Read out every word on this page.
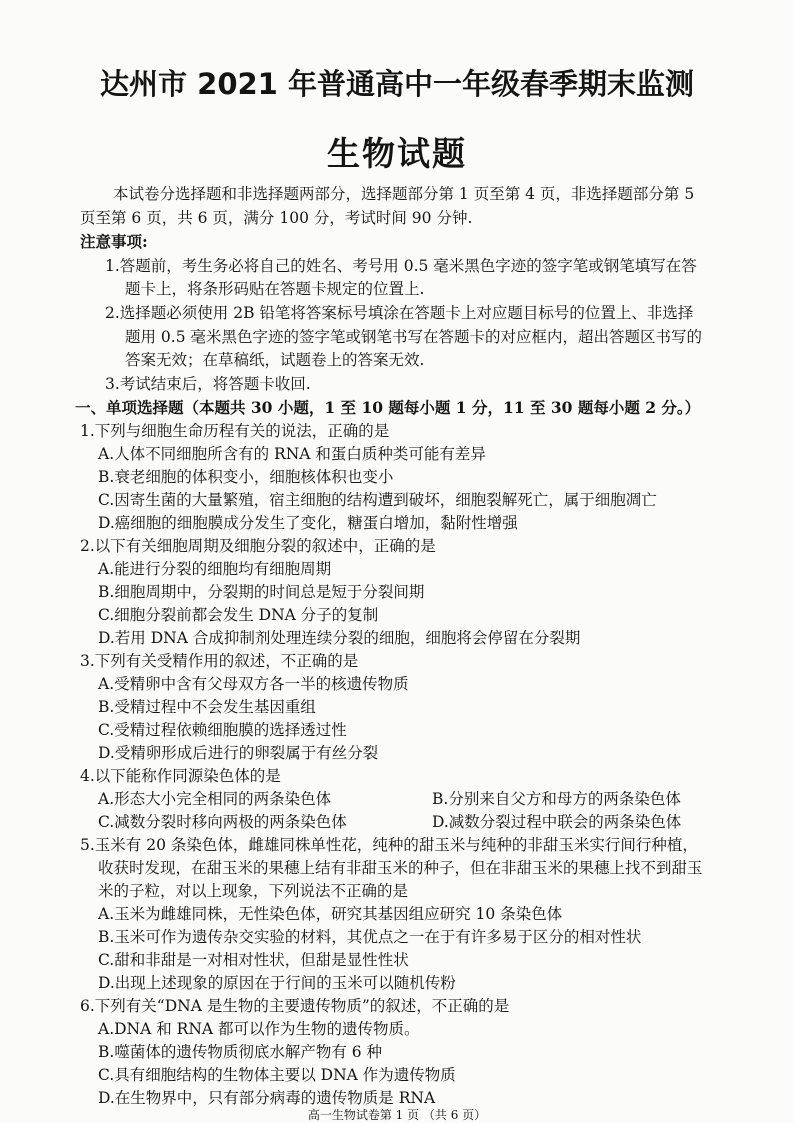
达州市 2021 年普通高中一年级春季期末监测
生物试题
本试卷分选择题和非选择题两部分，选择题部分第 1 页至第 4 页，非选择题部分第 5
页至第 6 页，共 6 页，满分 100 分，考试时间 90 分钟.
注意事项:
1.答题前，考生务必将自己的姓名、考号用 0.5 毫米黑色字迹的签字笔或钢笔填写在答
题卡上，将条形码贴在答题卡规定的位置上.
2.选择题必须使用 2B 铅笔将答案标号填涂在答题卡上对应题目标号的位置上、非选择
题用 0.5 毫米黑色字迹的签字笔或钢笔书写在答题卡的对应框内，超出答题区书写的
答案无效；在草稿纸，试题卷上的答案无效.
3.考试结束后，将答题卡收回.
一、单项选择题（本题共 30 小题，1 至 10 题每小题 1 分，11 至 30 题每小题 2 分。）
1.下列与细胞生命历程有关的说法，正确的是
A.人体不同细胞所含有的 RNA 和蛋白质种类可能有差异
B.衰老细胞的体积变小，细胞核体积也变小
C.因寄生菌的大量繁殖，宿主细胞的结构遭到破坏，细胞裂解死亡，属于细胞凋亡
D.癌细胞的细胞膜成分发生了变化，糖蛋白增加，黏附性增强
2.以下有关细胞周期及细胞分裂的叙述中，正确的是
A.能进行分裂的细胞均有细胞周期
B.细胞周期中，分裂期的时间总是短于分裂间期
C.细胞分裂前都会发生 DNA 分子的复制
D.若用 DNA 合成抑制剂处理连续分裂的细胞，细胞将会停留在分裂期
3.下列有关受精作用的叙述，不正确的是
A.受精卵中含有父母双方各一半的核遗传物质
B.受精过程中不会发生基因重组
C.受精过程依赖细胞膜的选择透过性
D.受精卵形成后进行的卵裂属于有丝分裂
4.以下能称作同源染色体的是
A.形态大小完全相同的两条染色体	B.分别来自父方和母方的两条染色体
C.减数分裂时移向两极的两条染色体	D.减数分裂过程中联会的两条染色体
5.玉米有 20 条染色体，雌雄同株单性花，纯种的甜玉米与纯种的非甜玉米实行间行种植，
收获时发现，在甜玉米的果穗上结有非甜玉米的种子，但在非甜玉米的果穗上找不到甜玉
米的子粒，对以上现象，下列说法不正确的是
A.玉米为雌雄同株，无性染色体，研究其基因组应研究 10 条染色体
B.玉米可作为遗传杂交实验的材料，其优点之一在于有许多易于区分的相对性状
C.甜和非甜是一对相对性状，但甜是显性性状
D.出现上述现象的原因在于行间的玉米可以随机传粉
6.下列有关“DNA 是生物的主要遗传物质”的叙述，不正确的是
A.DNA 和 RNA 都可以作为生物的遗传物质。
B.噬菌体的遗传物质彻底水解产物有 6 种
C.具有细胞结构的生物体主要以 DNA 作为遗传物质
D.在生物界中，只有部分病毒的遗传物质是 RNA
高一生物试卷第 1 页 （共 6 页）
